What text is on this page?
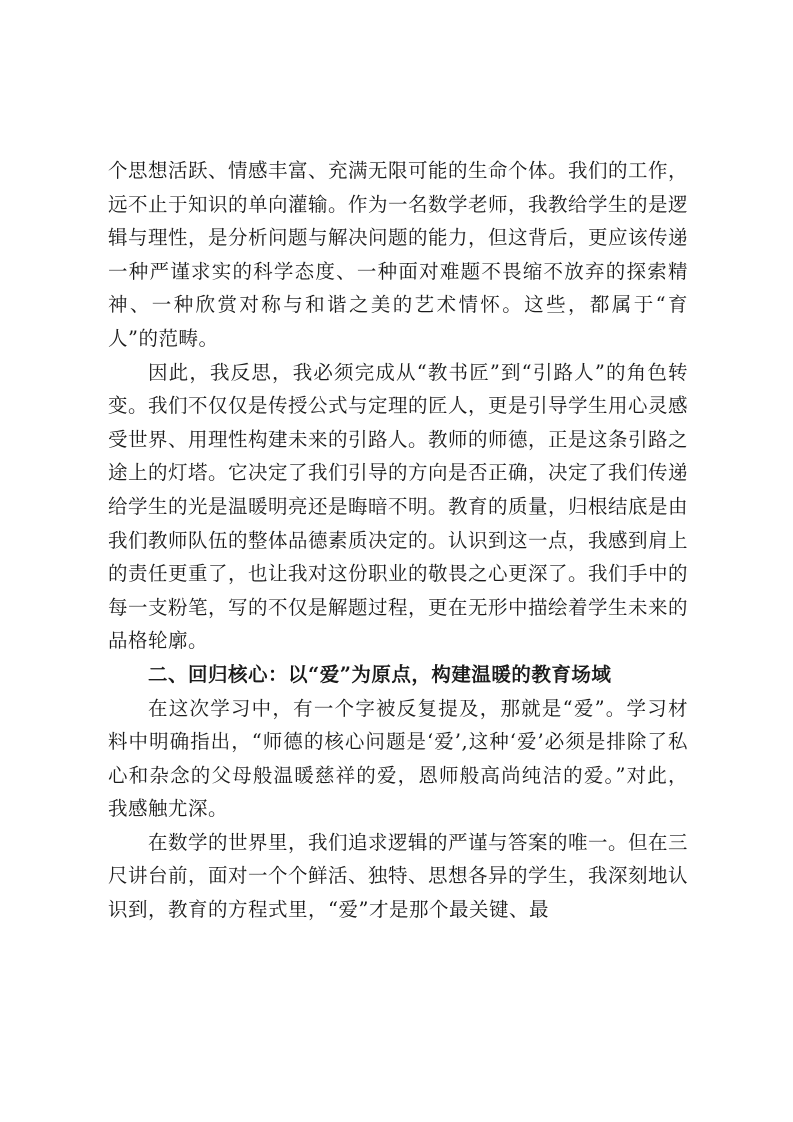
个思想活跃、情感丰富、充满无限可能的生命个体。我们的工作，远不止于知识的单向灌输。作为一名数学老师，我教给学生的是逻辑与理性，是分析问题与解决问题的能力，但这背后，更应该传递一种严谨求实的科学态度、一种面对难题不畏缩不放弃的探索精神、一种欣赏对称与和谐之美的艺术情怀。这些，都属于“育人”的范畴。

因此，我反思，我必须完成从“教书匠”到“引路人”的角色转变。我们不仅仅是传授公式与定理的匠人，更是引导学生用心灵感受世界、用理性构建未来的引路人。教师的师德，正是这条引路之途上的灯塔。它决定了我们引导的方向是否正确，决定了我们传递给学生的光是温暖明亮还是晦暗不明。教育的质量，归根结底是由我们教师队伍的整体品德素质决定的。认识到这一点，我感到肩上的责任更重了，也让我对这份职业的敬畏之心更深了。我们手中的每一支粉笔，写的不仅是解题过程，更在无形中描绘着学生未来的品格轮廓。

二、回归核心：以“爱”为原点，构建温暖的教育场域

在这次学习中，有一个字被反复提及，那就是“爱”。学习材料中明确指出，“师德的核心问题是‘爱’,这种‘爱’必须是排除了私心和杂念的父母般温暖慈祥的爱，恩师般高尚纯洁的爱。”对此，我感触尤深。

在数学的世界里，我们追求逻辑的严谨与答案的唯一。但在三尺讲台前，面对一个个鲜活、独特、思想各异的学生，我深刻地认识到，教育的方程式里，“爱”才是那个最关键、最
